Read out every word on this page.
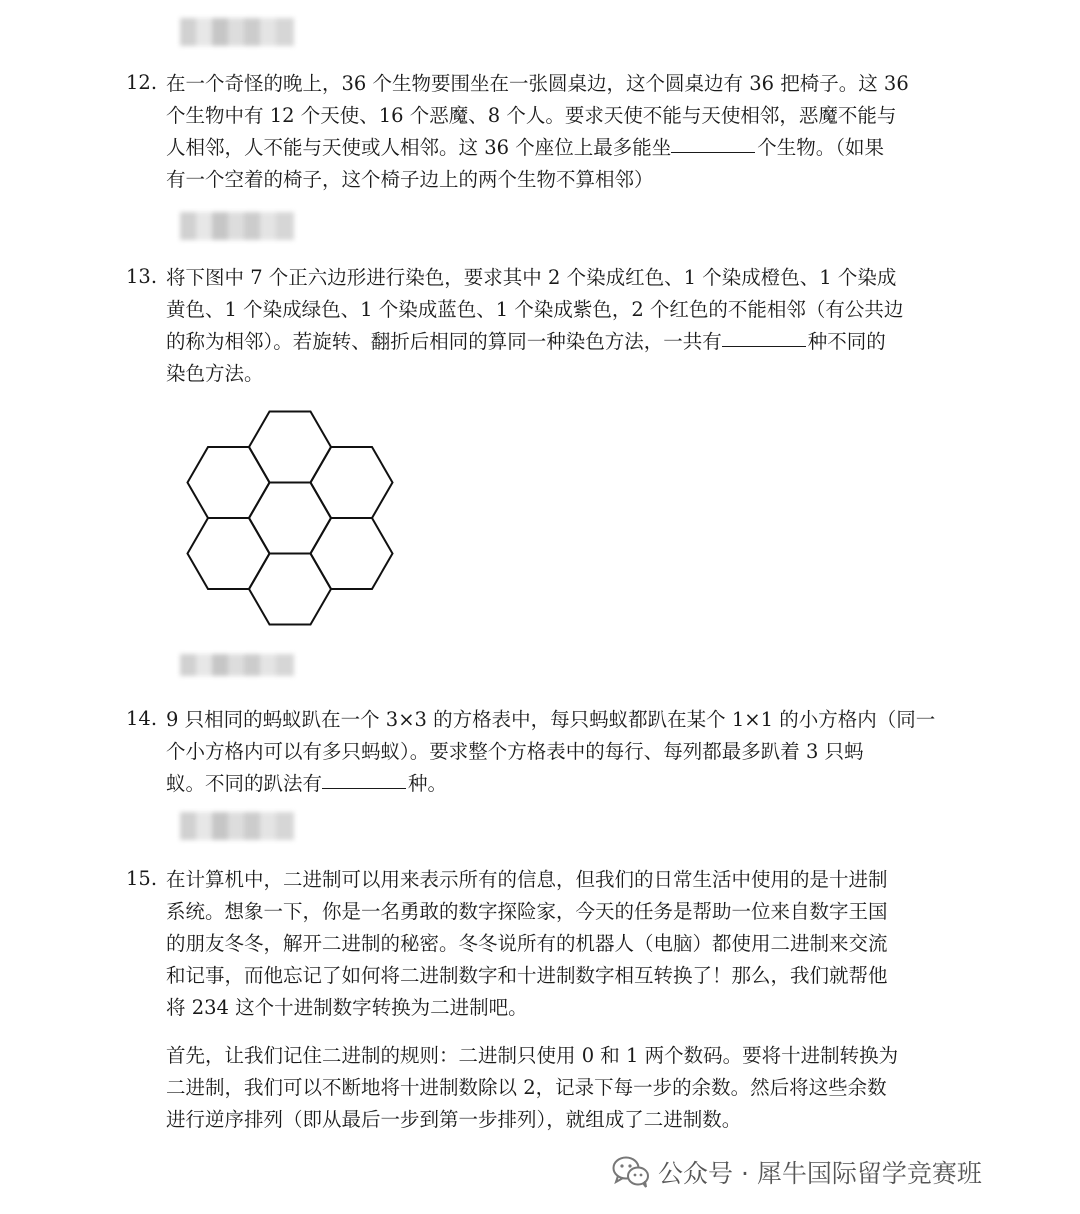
12. 在一个奇怪的晚上，36 个生物要围坐在一张圆桌边，这个圆桌边有 36 把椅子。这 36
个生物中有 12 个天使、16 个恶魔、8 个人。要求天使不能与天使相邻，恶魔不能与
人相邻，人不能与天使或人相邻。这 36 个座位上最多能坐	个生物。（如果
有一个空着的椅子，这个椅子边上的两个生物不算相邻）
13. 将下图中 7 个正六边形进行染色，要求其中 2 个染成红色、1 个染成橙色、1 个染成
黄色、1 个染成绿色、1 个染成蓝色、1 个染成紫色，2 个红色的不能相邻（有公共边
的称为相邻）。若旋转、翻折后相同的算同一种染色方法，一共有	种不同的
染色方法。
14. 9 只相同的蚂蚁趴在一个 3×3 的方格表中，每只蚂蚁都趴在某个 1×1 的小方格内（同一
个小方格内可以有多只蚂蚁）。要求整个方格表中的每行、每列都最多趴着 3 只蚂
蚁。不同的趴法有	种。
15. 在计算机中，二进制可以用来表示所有的信息，但我们的日常生活中使用的是十进制
系统。想象一下，你是一名勇敢的数字探险家，今天的任务是帮助一位来自数字王国
的朋友冬冬，解开二进制的秘密。冬冬说所有的机器人（电脑）都使用二进制来交流
和记事，而他忘记了如何将二进制数字和十进制数字相互转换了！那么，我们就帮他
将 234 这个十进制数字转换为二进制吧。
首先，让我们记住二进制的规则：二进制只使用 0 和 1 两个数码。要将十进制转换为
二进制，我们可以不断地将十进制数除以 2，记录下每一步的余数。然后将这些余数
进行逆序排列（即从最后一步到第一步排列），就组成了二进制数。
公众号 · 犀牛国际留学竞赛班
